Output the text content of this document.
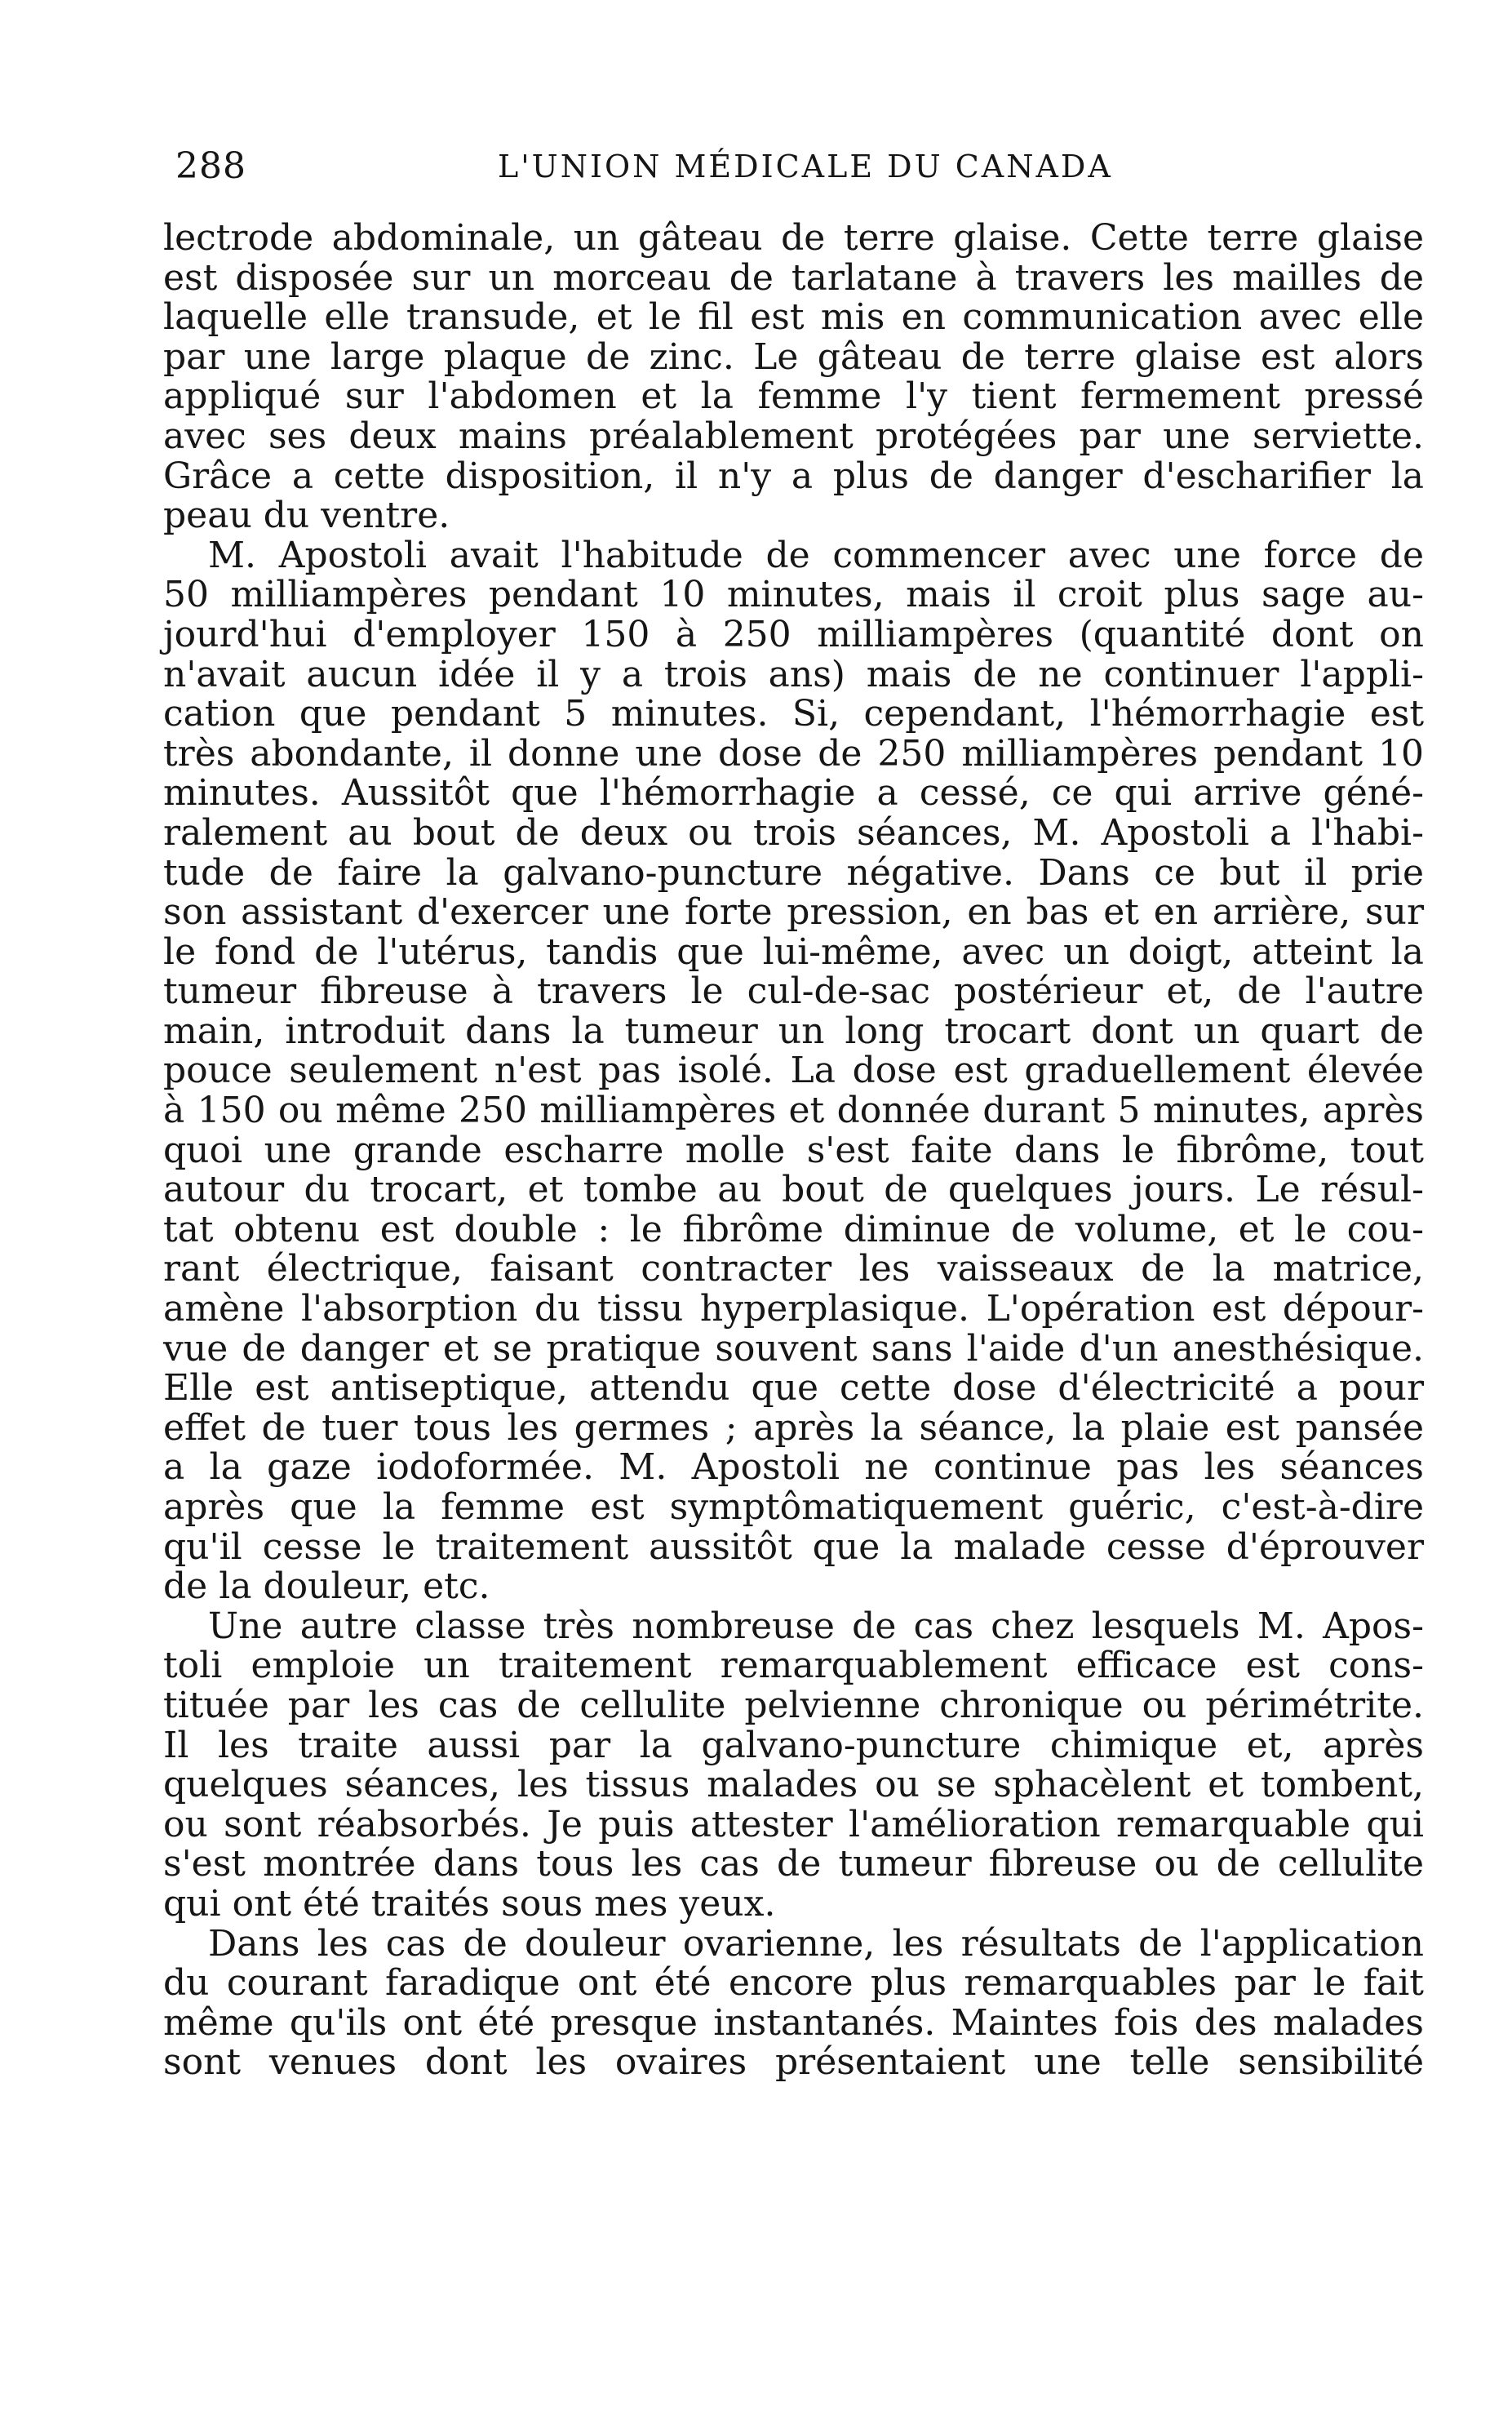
288	L'UNION MÉDICALE DU CANADA
lectrode abdominale, un gâteau de terre glaise. Cette terre glaise
est disposée sur un morceau de tarlatane à travers les mailles de
laquelle elle transude, et le fil est mis en communication avec elle
par une large plaque de zinc. Le gâteau de terre glaise est alors
appliqué sur l'abdomen et la femme l'y tient fermement pressé
avec ses deux mains préalablement protégées par une serviette.
Grâce a cette disposition, il n'y a plus de danger d'escharifier la
peau du ventre.
M. Apostoli avait l'habitude de commencer avec une force de
50 milliampères pendant 10 minutes, mais il croit plus sage au-
jourd'hui d'employer 150 à 250 milliampères (quantité dont on
n'avait aucun idée il y a trois ans) mais de ne continuer l'appli-
cation que pendant 5 minutes. Si, cependant, l'hémorrhagie est
très abondante, il donne une dose de 250 milliampères pendant 10
minutes. Aussitôt que l'hémorrhagie a cessé, ce qui arrive géné-
ralement au bout de deux ou trois séances, M. Apostoli a l'habi-
tude de faire la galvano-puncture négative. Dans ce but il prie
son assistant d'exercer une forte pression, en bas et en arrière, sur
le fond de l'utérus, tandis que lui-même, avec un doigt, atteint la
tumeur fibreuse à travers le cul-de-sac postérieur et, de l'autre
main, introduit dans la tumeur un long trocart dont un quart de
pouce seulement n'est pas isolé. La dose est graduellement élevée
à 150 ou même 250 milliampères et donnée durant 5 minutes, après
quoi une grande escharre molle s'est faite dans le fibrôme, tout
autour du trocart, et tombe au bout de quelques jours. Le résul-
tat obtenu est double : le fibrôme diminue de volume, et le cou-
rant électrique, faisant contracter les vaisseaux de la matrice,
amène l'absorption du tissu hyperplasique. L'opération est dépour-
vue de danger et se pratique souvent sans l'aide d'un anesthésique.
Elle est antiseptique, attendu que cette dose d'électricité a pour
effet de tuer tous les germes ; après la séance, la plaie est pansée
a la gaze iodoformée. M. Apostoli ne continue pas les séances
après que la femme est symptômatiquement guéric, c'est-à-dire
qu'il cesse le traitement aussitôt que la malade cesse d'éprouver
de la douleur, etc.
Une autre classe très nombreuse de cas chez lesquels M. Apos-
toli emploie un traitement remarquablement efficace est cons-
tituée par les cas de cellulite pelvienne chronique ou périmétrite.
Il les traite aussi par la galvano-puncture chimique et, après
quelques séances, les tissus malades ou se sphacèlent et tombent,
ou sont réabsorbés. Je puis attester l'amélioration remarquable qui
s'est montrée dans tous les cas de tumeur fibreuse ou de cellulite
qui ont été traités sous mes yeux.
Dans les cas de douleur ovarienne, les résultats de l'application
du courant faradique ont été encore plus remarquables par le fait
même qu'ils ont été presque instantanés. Maintes fois des malades
sont venues dont les ovaires présentaient une telle sensibilité
